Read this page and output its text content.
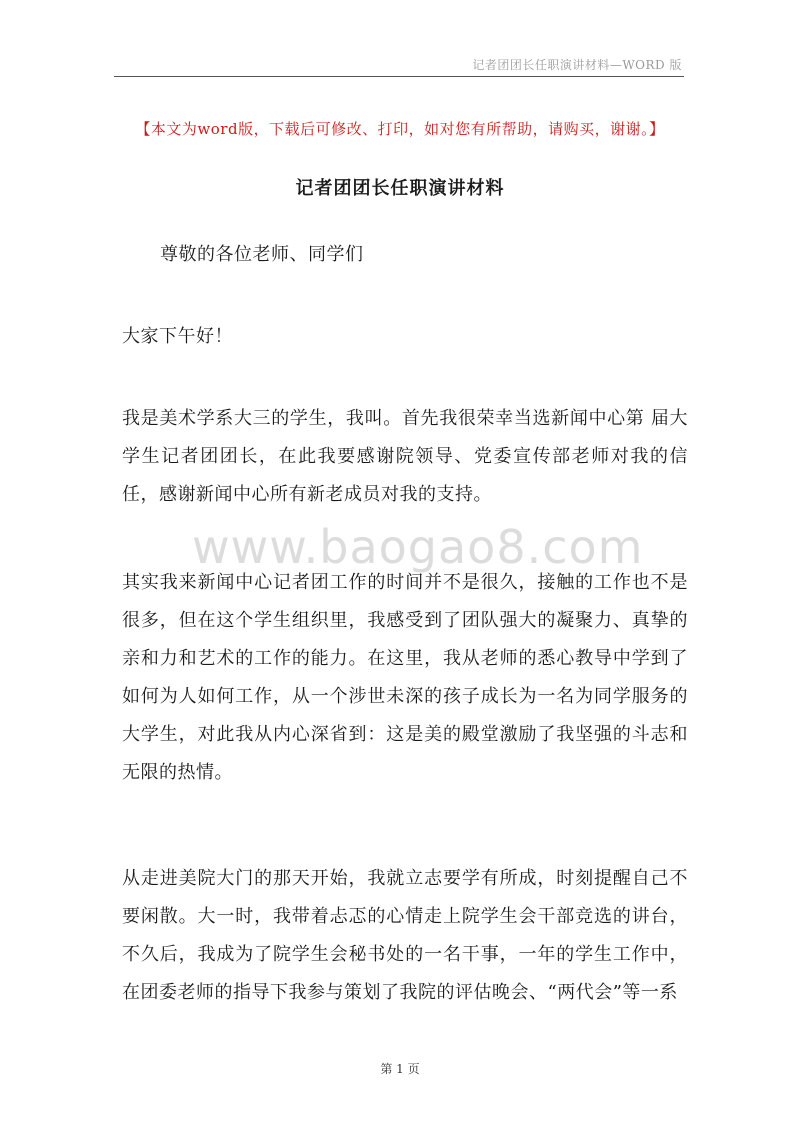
记者团团长任职演讲材料—WORD 版
【本文为word版，下载后可修改、打印，如对您有所帮助，请购买，谢谢。】
记者团团长任职演讲材料

尊敬的各位老师、同学们

大家下午好！

我是美术学系大三的学生，我叫。首先我很荣幸当选新闻中心第 届大学生记者团团长，在此我要感谢院领导、党委宣传部老师对我的信任，感谢新闻中心所有新老成员对我的支持。

其实我来新闻中心记者团工作的时间并不是很久，接触的工作也不是很多，但在这个学生组织里，我感受到了团队强大的凝聚力、真挚的亲和力和艺术的工作的能力。在这里，我从老师的悉心教导中学到了如何为人如何工作，从一个涉世未深的孩子成长为一名为同学服务的大学生，对此我从内心深省到：这是美的殿堂激励了我坚强的斗志和无限的热情。

从走进美院大门的那天开始，我就立志要学有所成，时刻提醒自己不要闲散。大一时，我带着忐忑的心情走上院学生会干部竞选的讲台，不久后，我成为了院学生会秘书处的一名干事，一年的学生工作中，在团委老师的指导下我参与策划了我院的评估晚会、“两代会”等一系

www.baogao8.com
第 1 页
